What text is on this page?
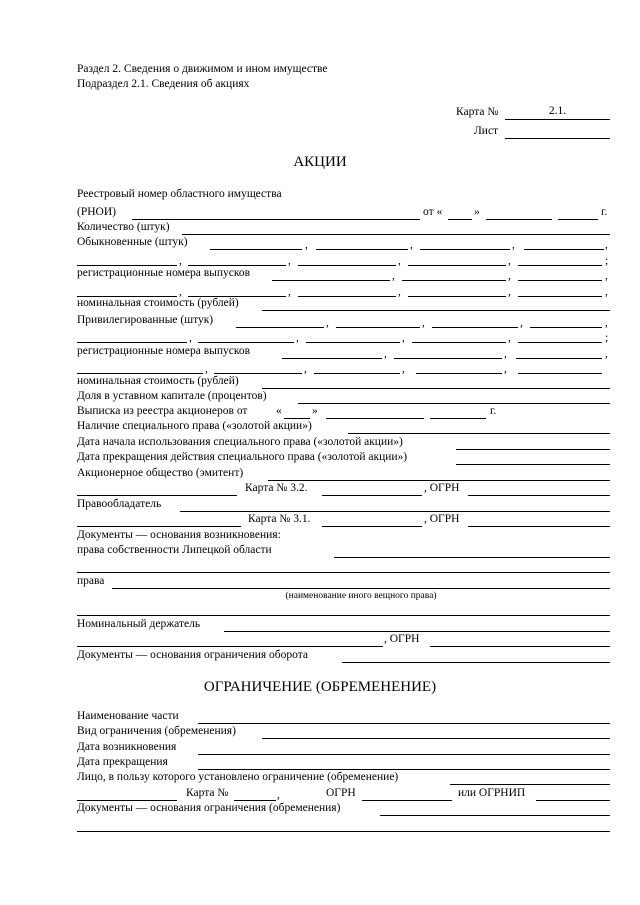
Раздел 2. Сведения о движимом и ином имуществе
Подраздел 2.1. Сведения об акциях
Карта №	2.1.
Лист
АКЦИИ
Реестровый номер областного имущества
(РНОИ)	от «	»	г.
Количество (штук)
Обыкновенные (штук)	,	,	,	,
,	,	,	,	;
регистрационные номера выпусков	,	,	,
,	,	,	,	,
номинальная стоимость (рублей)
Привилегированные (штук)	,	,	,	,
,	,	,	,	;
регистрационные номера выпусков	,	,	,
,	,	,	,
номинальная стоимость (рублей)
Доля в уставном капитале (процентов)
Выписка из реестра акционеров от «	»	г.
Наличие специального права («золотой акции»)
Дата начала использования специального права («золотой акции»)
Дата прекращения действия специального права («золотой акции»)
Акционерное общество (эмитент)
Карта № 3.2.	, ОГРН
Правообладатель
Карта № 3.1.	, ОГРН
Документы — основания возникновения:
права собственности Липецкой области
права
(наименование иного вещного права)
Номинальный держатель
, ОГРН
Документы — основания ограничения оборота
ОГРАНИЧЕНИЕ (ОБРЕМЕНЕНИЕ)
Наименование части
Вид ограничения (обременения)
Дата возникновения
Дата прекращения
Лицо, в пользу которого установлено ограничение (обременение)
Карта №	,	ОГРН	или ОГРНИП
Документы — основания ограничения (обременения)
